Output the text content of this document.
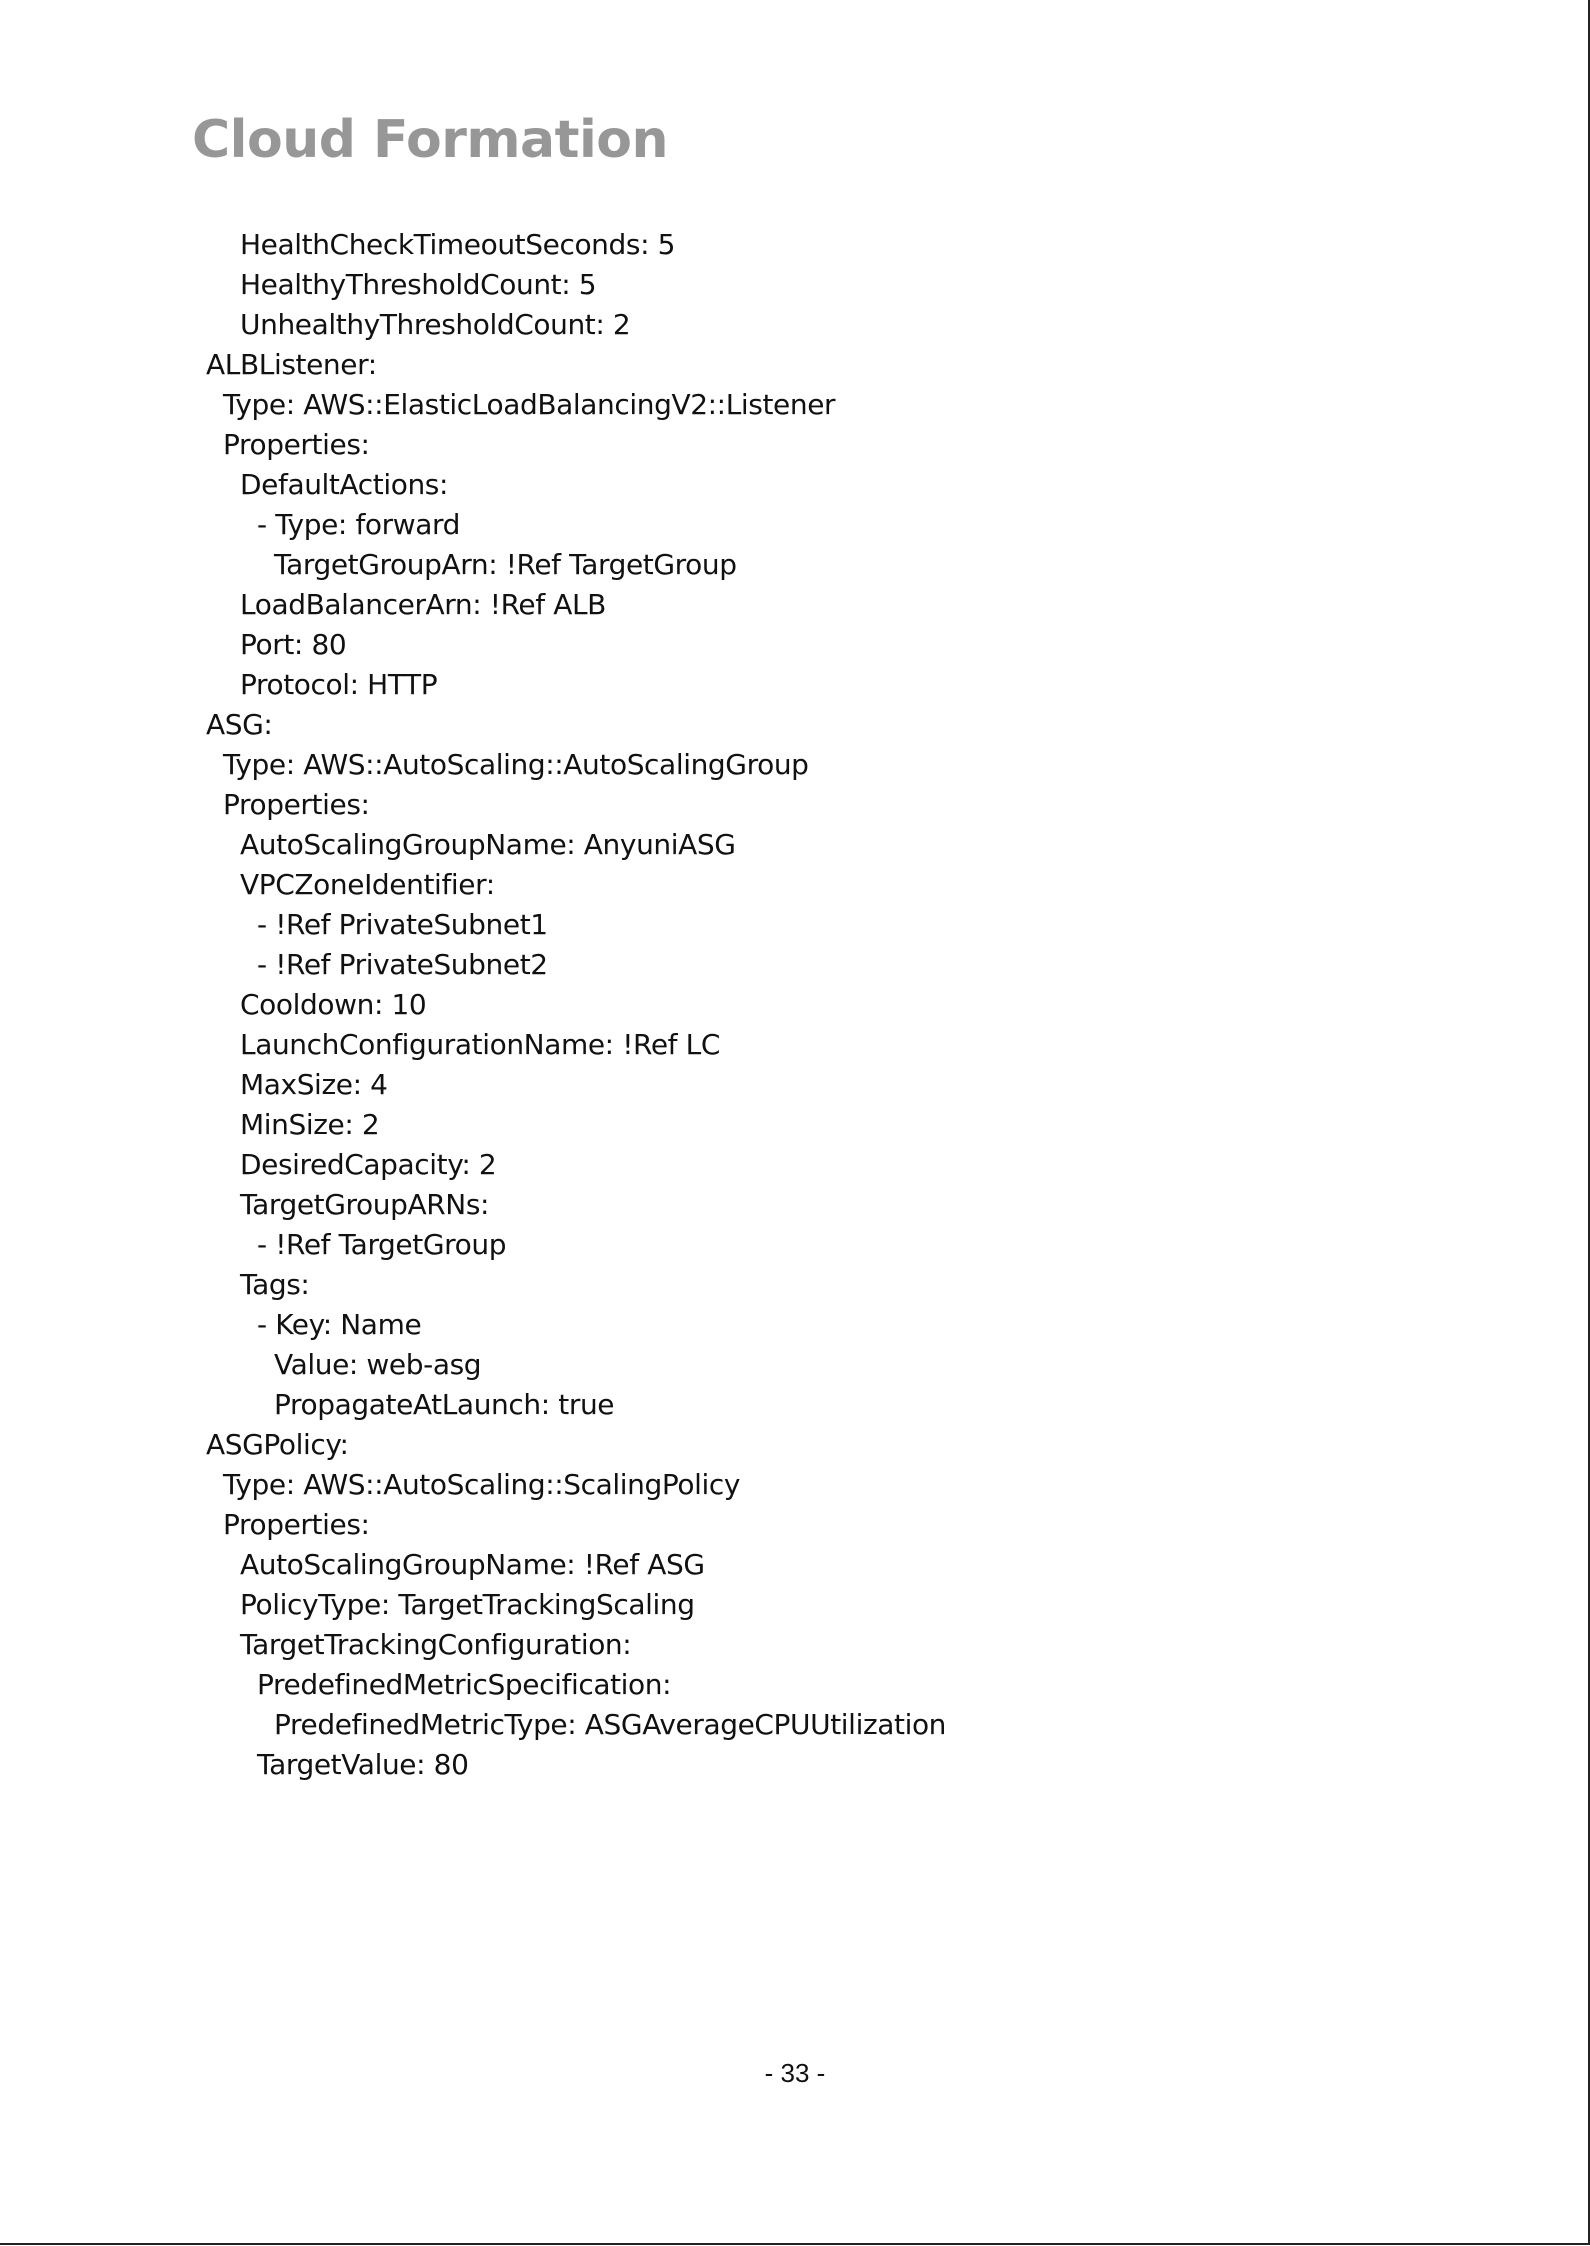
Cloud Formation
HealthCheckTimeoutSeconds: 5
HealthyThresholdCount: 5
UnhealthyThresholdCount: 2
ALBListener:
Type: AWS::ElasticLoadBalancingV2::Listener
Properties:
DefaultActions:
- Type: forward
TargetGroupArn: !Ref TargetGroup
LoadBalancerArn: !Ref ALB
Port: 80
Protocol: HTTP
ASG:
Type: AWS::AutoScaling::AutoScalingGroup
Properties:
AutoScalingGroupName: AnyuniASG
VPCZoneIdentifier:
- !Ref PrivateSubnet1
- !Ref PrivateSubnet2
Cooldown: 10
LaunchConfigurationName: !Ref LC
MaxSize: 4
MinSize: 2
DesiredCapacity: 2
TargetGroupARNs:
- !Ref TargetGroup
Tags:
- Key: Name
Value: web-asg
PropagateAtLaunch: true
ASGPolicy:
Type: AWS::AutoScaling::ScalingPolicy
Properties:
AutoScalingGroupName: !Ref ASG
PolicyType: TargetTrackingScaling
TargetTrackingConfiguration:
PredefinedMetricSpecification:
PredefinedMetricType: ASGAverageCPUUtilization
TargetValue: 80
- 33 -
